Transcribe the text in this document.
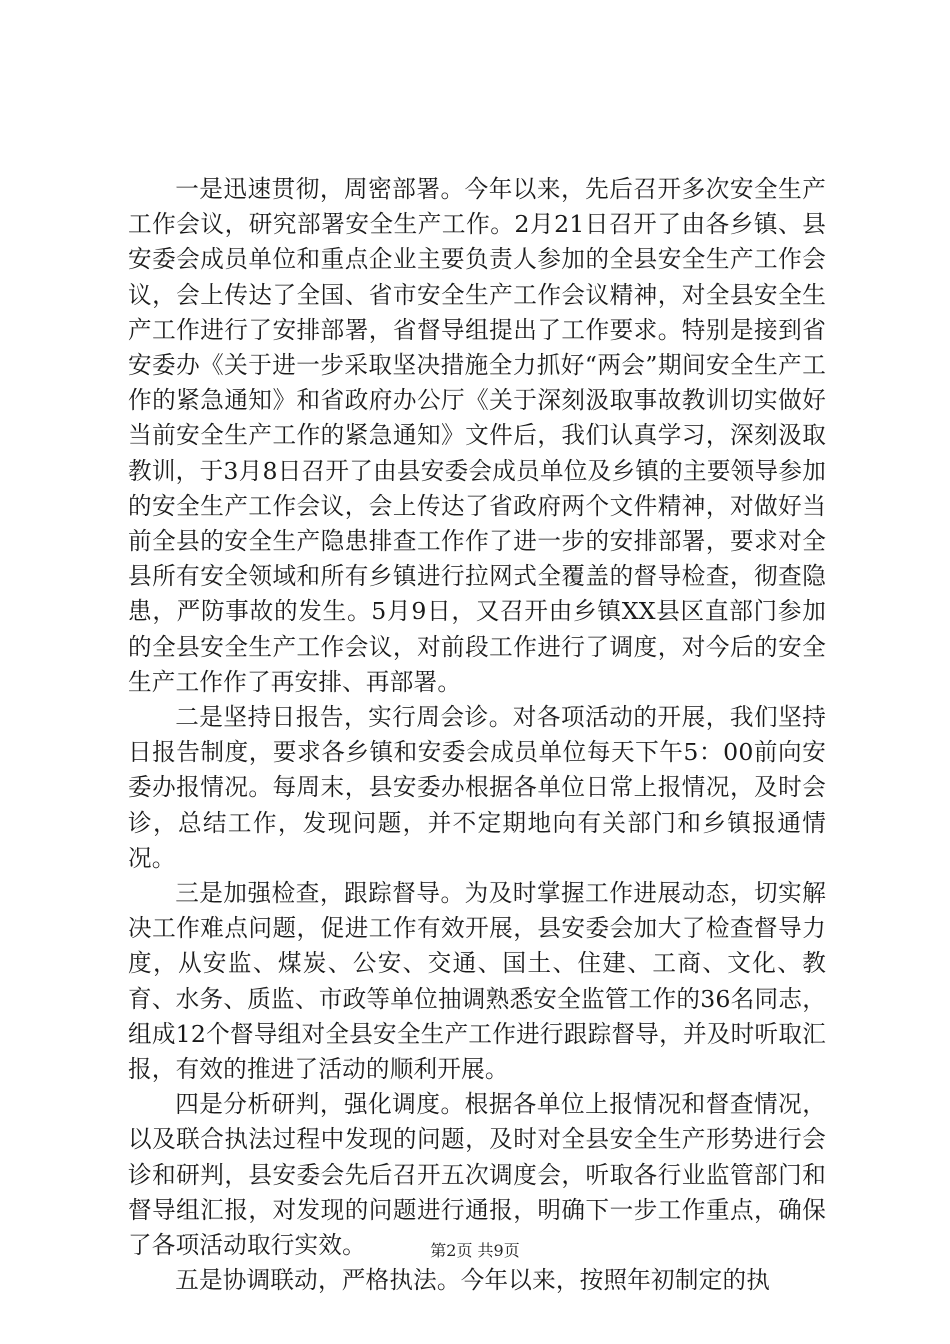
一是迅速贯彻，周密部署。今年以来，先后召开多次安全生产工作会议，研究部署安全生产工作。2月21日召开了由各乡镇、县安委会成员单位和重点企业主要负责人参加的全县安全生产工作会议，会上传达了全国、省市安全生产工作会议精神，对全县安全生产工作进行了安排部署，省督导组提出了工作要求。特别是接到省安委办《关于进一步采取坚决措施全力抓好“两会”期间安全生产工作的紧急通知》和省政府办公厅《关于深刻汲取事故教训切实做好当前安全生产工作的紧急通知》文件后，我们认真学习，深刻汲取教训，于3月8日召开了由县安委会成员单位及乡镇的主要领导参加的安全生产工作会议，会上传达了省政府两个文件精神，对做好当前全县的安全生产隐患排查工作作了进一步的安排部署，要求对全县所有安全领域和所有乡镇进行拉网式全覆盖的督导检查，彻查隐患，严防事故的发生。5月9日，又召开由乡镇XX县区直部门参加的全县安全生产工作会议，对前段工作进行了调度，对今后的安全生产工作作了再安排、再部署。

二是坚持日报告，实行周会诊。对各项活动的开展，我们坚持日报告制度，要求各乡镇和安委会成员单位每天下午5：00前向安委办报情况。每周末，县安委办根据各单位日常上报情况，及时会诊，总结工作，发现问题，并不定期地向有关部门和乡镇报通情况。

三是加强检查，跟踪督导。为及时掌握工作进展动态，切实解决工作难点问题，促进工作有效开展，县安委会加大了检查督导力度，从安监、煤炭、公安、交通、国土、住建、工商、文化、教育、水务、质监、市政等单位抽调熟悉安全监管工作的36名同志，组成12个督导组对全县安全生产工作进行跟踪督导，并及时听取汇报，有效的推进了活动的顺利开展。

四是分析研判，强化调度。根据各单位上报情况和督查情况，以及联合执法过程中发现的问题，及时对全县安全生产形势进行会诊和研判，县安委会先后召开五次调度会，听取各行业监管部门和督导组汇报，对发现的问题进行通报，明确下一步工作重点，确保了各项活动取行实效。

五是协调联动，严格执法。今年以来，按照年初制定的执

第2页 共9页
